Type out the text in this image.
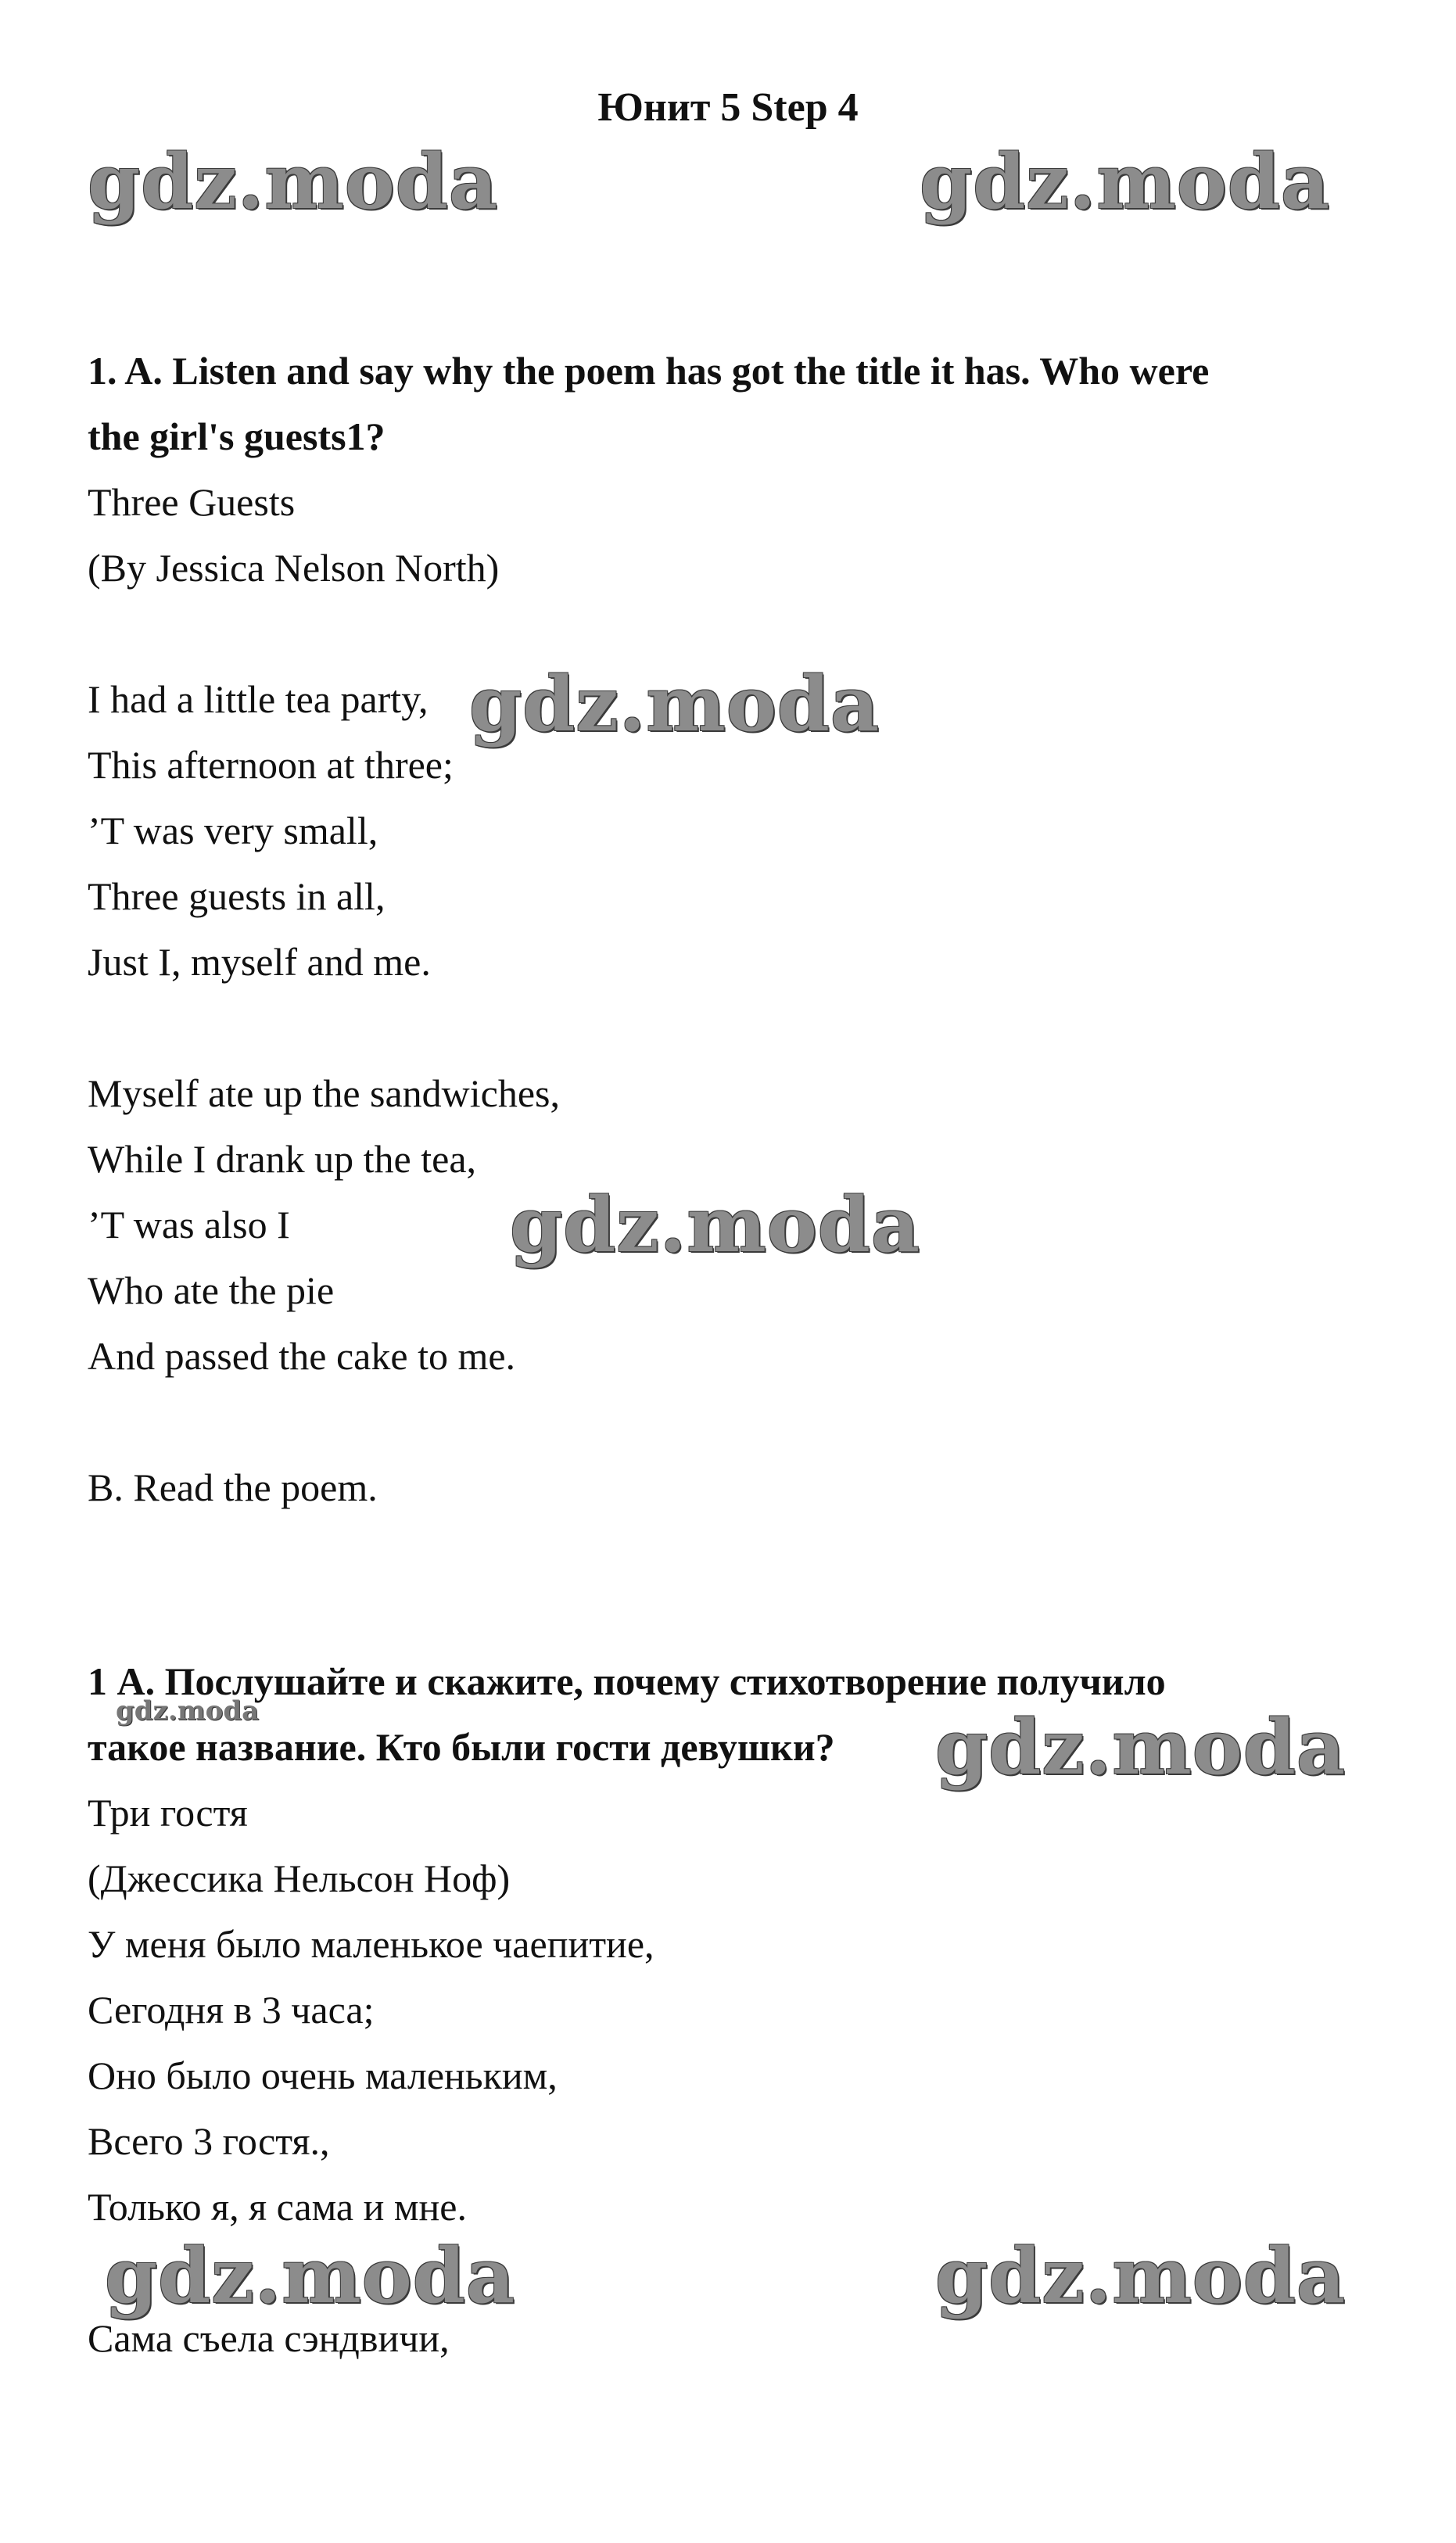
Юнит 5 Step 4
gdz.moda	gdz.moda
gdz.moda
gdz.moda
gdz.moda
gdz.moda
gdz.moda	gdz.moda
1. A. Listen and say why the poem has got the title it has. Who were
the girl's guests1?
Three Guests
(By Jessica Nelson North)
I had a little tea party,
This afternoon at three;
’T was very small,
Three guests in all,
Just I, myself and me.
Myself ate up the sandwiches,
While I drank up the tea,
’T was also I
Who ate the pie
And passed the cake to me.
B. Read the poem.
1 А. Послушайте и скажите, почему стихотворение получило
такое название. Кто были гости девушки?
Три гостя
(Джессика Нельсон Ноф)
У меня было маленькое чаепитие,
Сегодня в 3 часа;
Оно было очень маленьким,
Всего 3 гостя.,
Только я, я сама и мне.
Сама съела сэндвичи,
